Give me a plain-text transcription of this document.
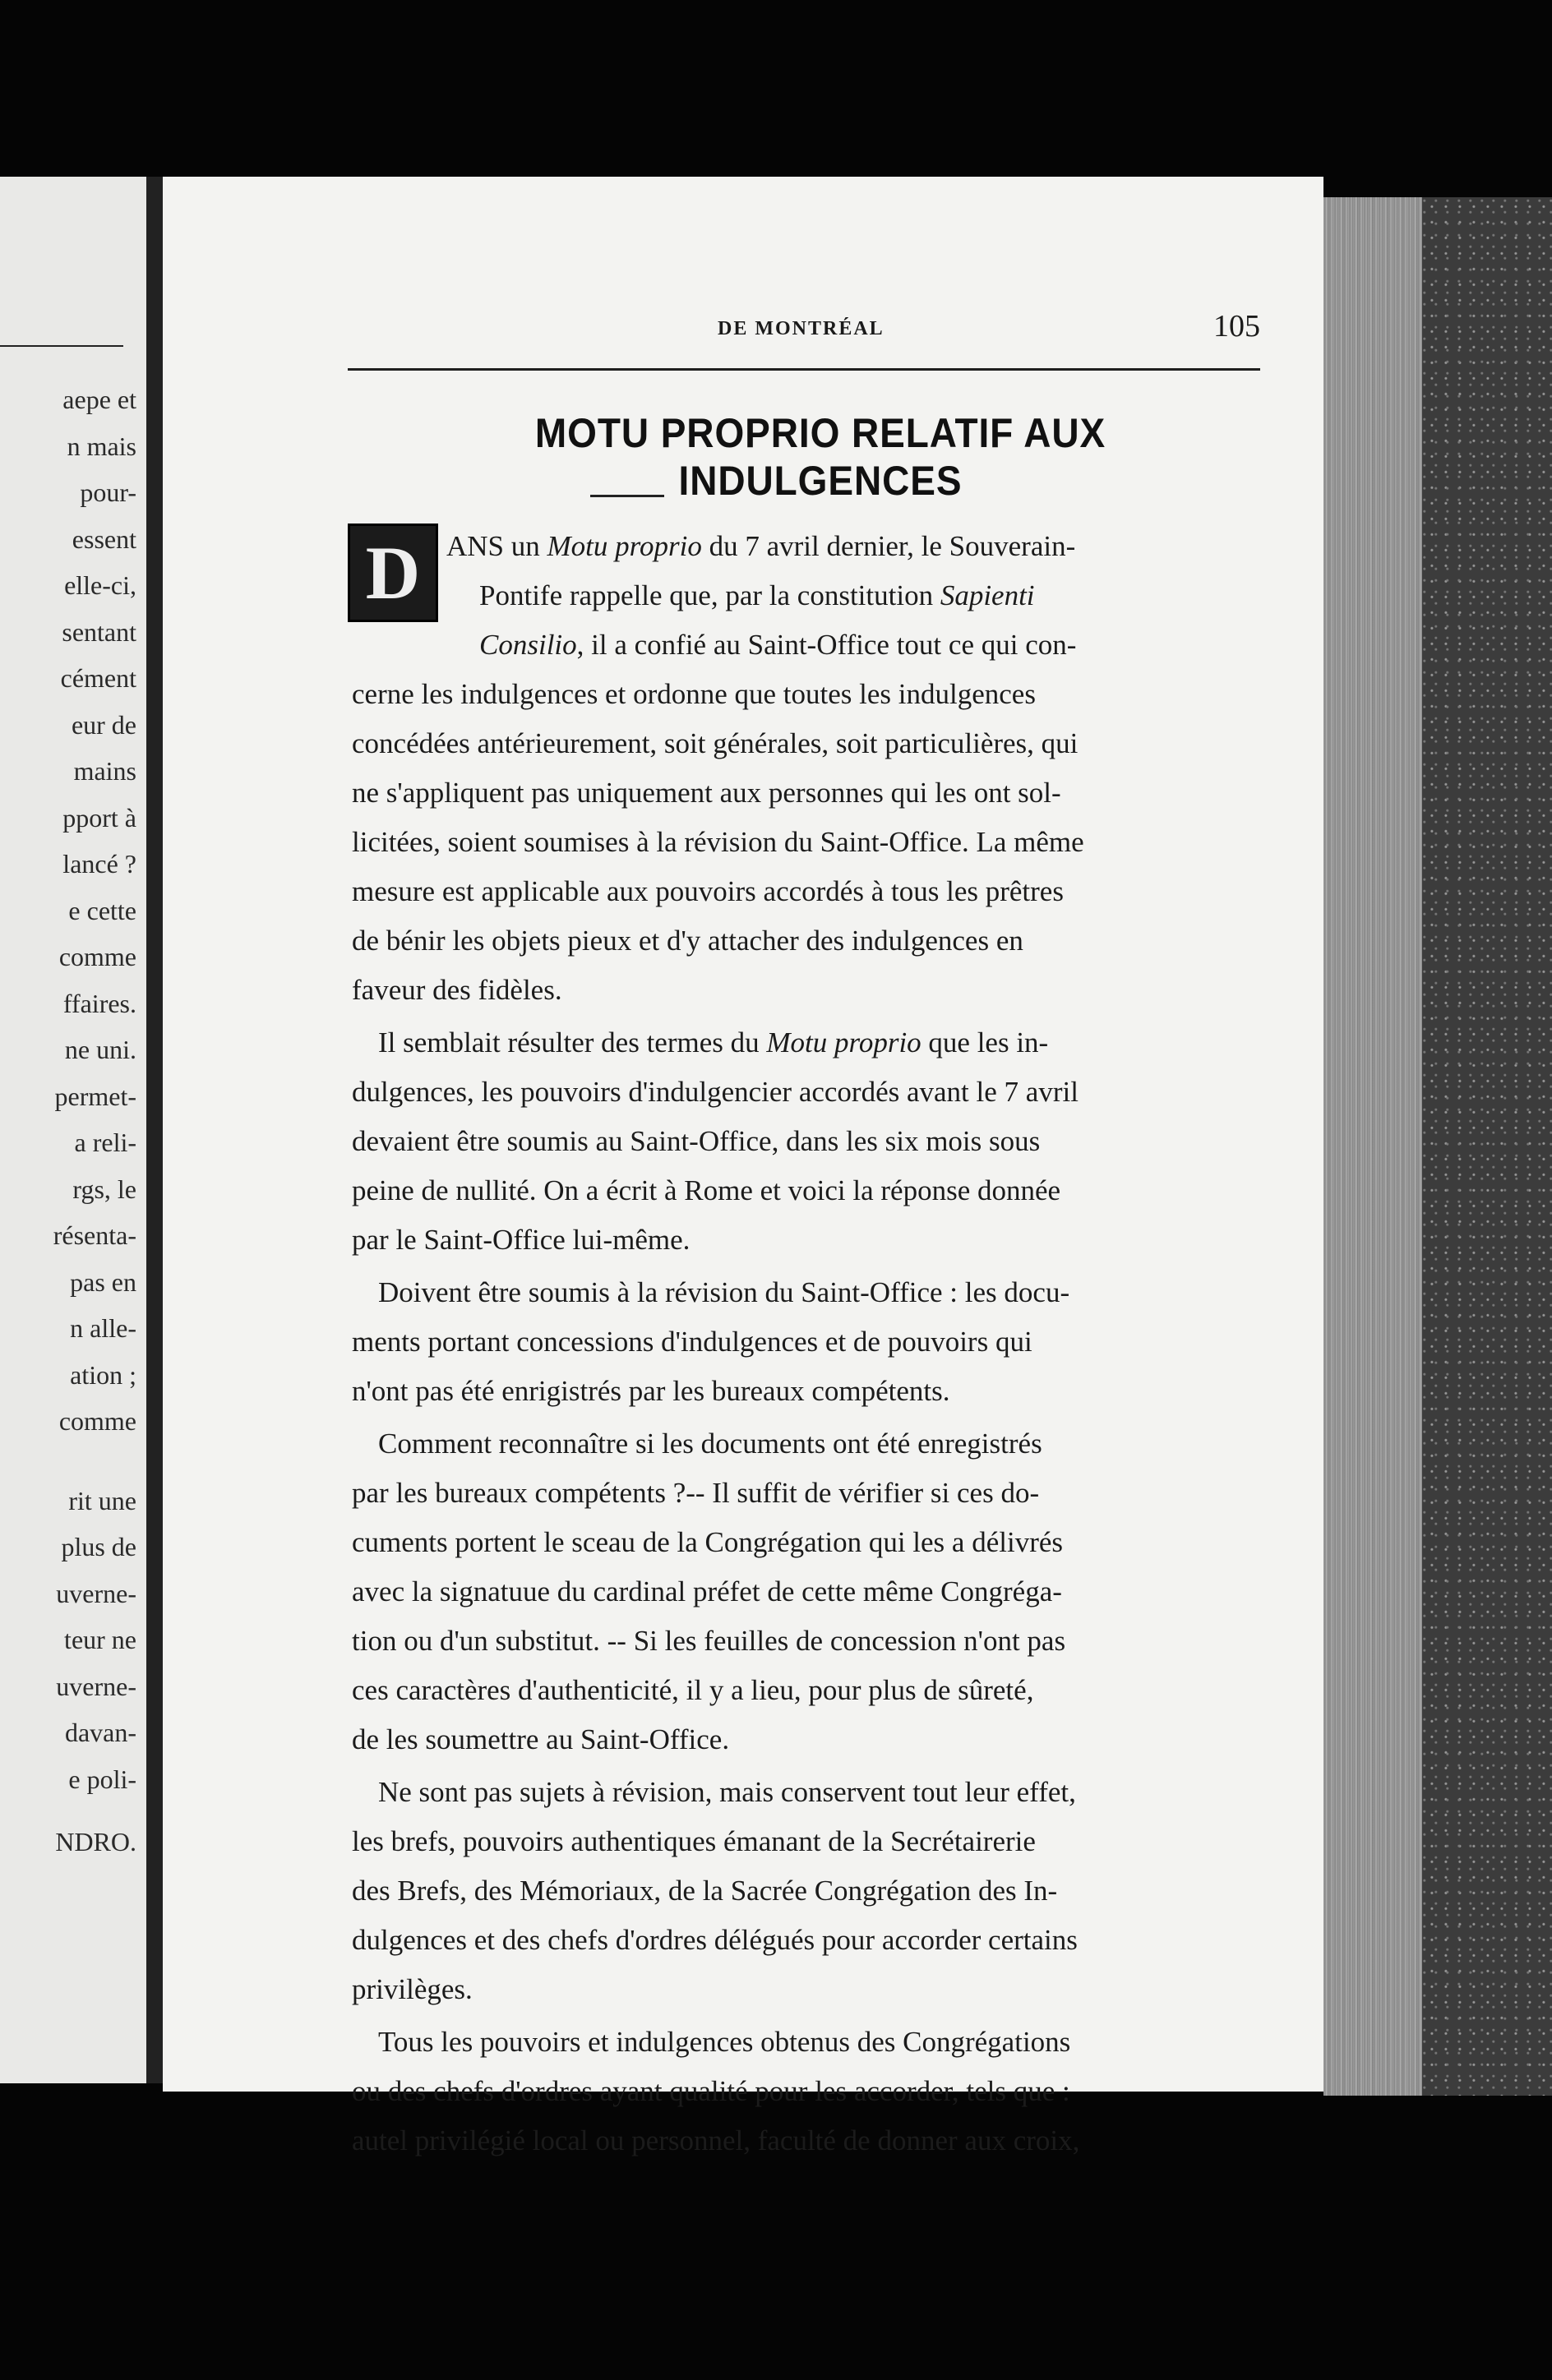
aepe et
n mais
pour-
essent
elle-ci,
sentant
cément
eur de
mains
pport à
lancé ?
e cette
comme
ffaires.
ne uni.
permet-
a reli-
rgs, le
résenta-
pas en
n alle-
ation ;
comme
rit une
plus de
uverne-
teur ne
uverne-
davan-
e poli-
NDRO.
DE MONTRÉAL	105
MOTU PROPRIO RELATIF AUX INDULGENCES
D ANS un Motu proprio du 7 avril dernier, le Souverain-
Pontife rappelle que, par la constitution Sapienti
Consilio, il a confié au Saint-Office tout ce qui con-
cerne les indulgences et ordonne que toutes les indulgences
concédées antérieurement, soit générales, soit particulières, qui
ne s'appliquent pas uniquement aux personnes qui les ont sol-
licitées, soient soumises à la révision du Saint-Office. La même
mesure est applicable aux pouvoirs accordés à tous les prêtres
de bénir les objets pieux et d'y attacher des indulgences en
faveur des fidèles.
Il semblait résulter des termes du Motu proprio que les in-
dulgences, les pouvoirs d'indulgencier accordés avant le 7 avril
devaient être soumis au Saint-Office, dans les six mois sous
peine de nullité. On a écrit à Rome et voici la réponse donnée
par le Saint-Office lui-même.
Doivent être soumis à la révision du Saint-Office : les docu-
ments portant concessions d'indulgences et de pouvoirs qui
n'ont pas été enrigistrés par les bureaux compétents.
Comment reconnaître si les documents ont été enregistrés
par les bureaux compétents ?-- Il suffit de vérifier si ces do-
cuments portent le sceau de la Congrégation qui les a délivrés
avec la signatuue du cardinal préfet de cette même Congréga-
tion ou d'un substitut. -- Si les feuilles de concession n'ont pas
ces caractères d'authenticité, il y a lieu, pour plus de sûreté,
de les soumettre au Saint-Office.
Ne sont pas sujets à révision, mais conservent tout leur effet,
les brefs, pouvoirs authentiques émanant de la Secrétairerie
des Brefs, des Mémoriaux, de la Sacrée Congrégation des In-
dulgences et des chefs d'ordres délégués pour accorder certains
privilèges.
Tous les pouvoirs et indulgences obtenus des Congrégations
ou des chefs d'ordres ayant qualité pour les accorder, tels que :
autel privilégié local ou personnel, faculté de donner aux croix,
